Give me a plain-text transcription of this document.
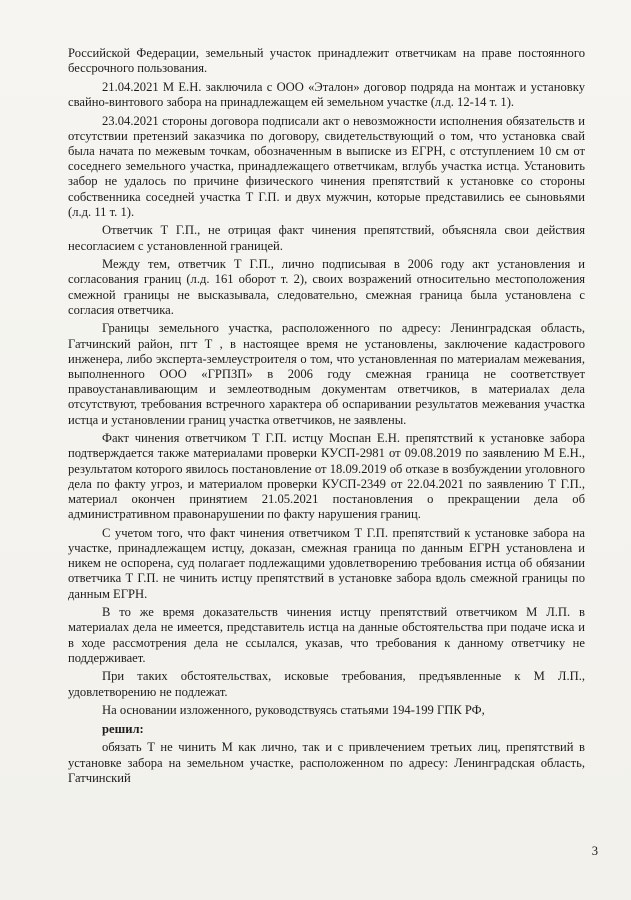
Российской Федерации, земельный участок принадлежит ответчикам на праве постоянного бессрочного пользования.

21.04.2021 М Е.Н. заключила с ООО «Эталон» договор подряда на монтаж и установку свайно-винтового забора на принадлежащем ей земельном участке (л.д. 12-14 т. 1).

23.04.2021 стороны договора подписали акт о невозможности исполнения обязательств и отсутствии претензий заказчика по договору, свидетельствующий о том, что установка свай была начата по межевым точкам, обозначенным в выписке из ЕГРН, с отступлением 10 см от соседнего земельного участка, принадлежащего ответчикам, вглубь участка истца. Установить забор не удалось по причине физического чинения препятствий к установке со стороны собственника соседней участка Т Г.П. и двух мужчин, которые представились ее сыновьями (л.д. 11 т. 1).

Ответчик Т Г.П., не отрицая факт чинения препятствий, объясняла свои действия несогласием с установленной границей.

Между тем, ответчик Т Г.П., лично подписывая в 2006 году акт установления и согласования границ (л.д. 161 оборот т. 2), своих возражений относительно местоположения смежной границы не высказывала, следовательно, смежная граница была установлена с согласия ответчика.

Границы земельного участка, расположенного по адресу: Ленинградская область, Гатчинский район, пгт Т , в настоящее время не установлены, заключение кадастрового инженера, либо эксперта-землеустроителя о том, что установленная по материалам межевания, выполненного ООО «ГРПЗП» в 2006 году смежная граница не соответствует правоустанавливающим и землеотводным документам ответчиков, в материалах дела отсутствуют, требования встречного характера об оспаривании результатов межевания участка истца и установлении границ участка ответчиков, не заявлены.

Факт чинения ответчиком Т Г.П. истцу Моспан Е.Н. препятствий к установке забора подтверждается также материалами проверки КУСП-2981 от 09.08.2019 по заявлению М Е.Н., результатом которого явилось постановление от 18.09.2019 об отказе в возбуждении уголовного дела по факту угроз, и материалом проверки КУСП-2349 от 22.04.2021 по заявлению Т Г.П., материал окончен принятием 21.05.2021 постановления о прекращении дела об административном правонарушении по факту нарушения границ.

С учетом того, что факт чинения ответчиком Т Г.П. препятствий к установке забора на участке, принадлежащем истцу, доказан, смежная граница по данным ЕГРН установлена и никем не оспорена, суд полагает подлежащими удовлетворению требования истца об обязании ответчика Т Г.П. не чинить истцу препятствий в установке забора вдоль смежной границы по данным ЕГРН.

В то же время доказательств чинения истцу препятствий ответчиком М Л.П. в материалах дела не имеется, представитель истца на данные обстоятельства при подаче иска и в ходе рассмотрения дела не ссылался, указав, что требования к данному ответчику не поддерживает.

При таких обстоятельствах, исковые требования, предъявленные к М Л.П., удовлетворению не подлежат.

На основании изложенного, руководствуясь статьями 194-199 ГПК РФ,

решил:

обязать Т не чинить М как лично, так и с привлечением третьих лиц, препятствий в установке забора на земельном участке, расположенном по адресу: Ленинградская область, Гатчинский

3
